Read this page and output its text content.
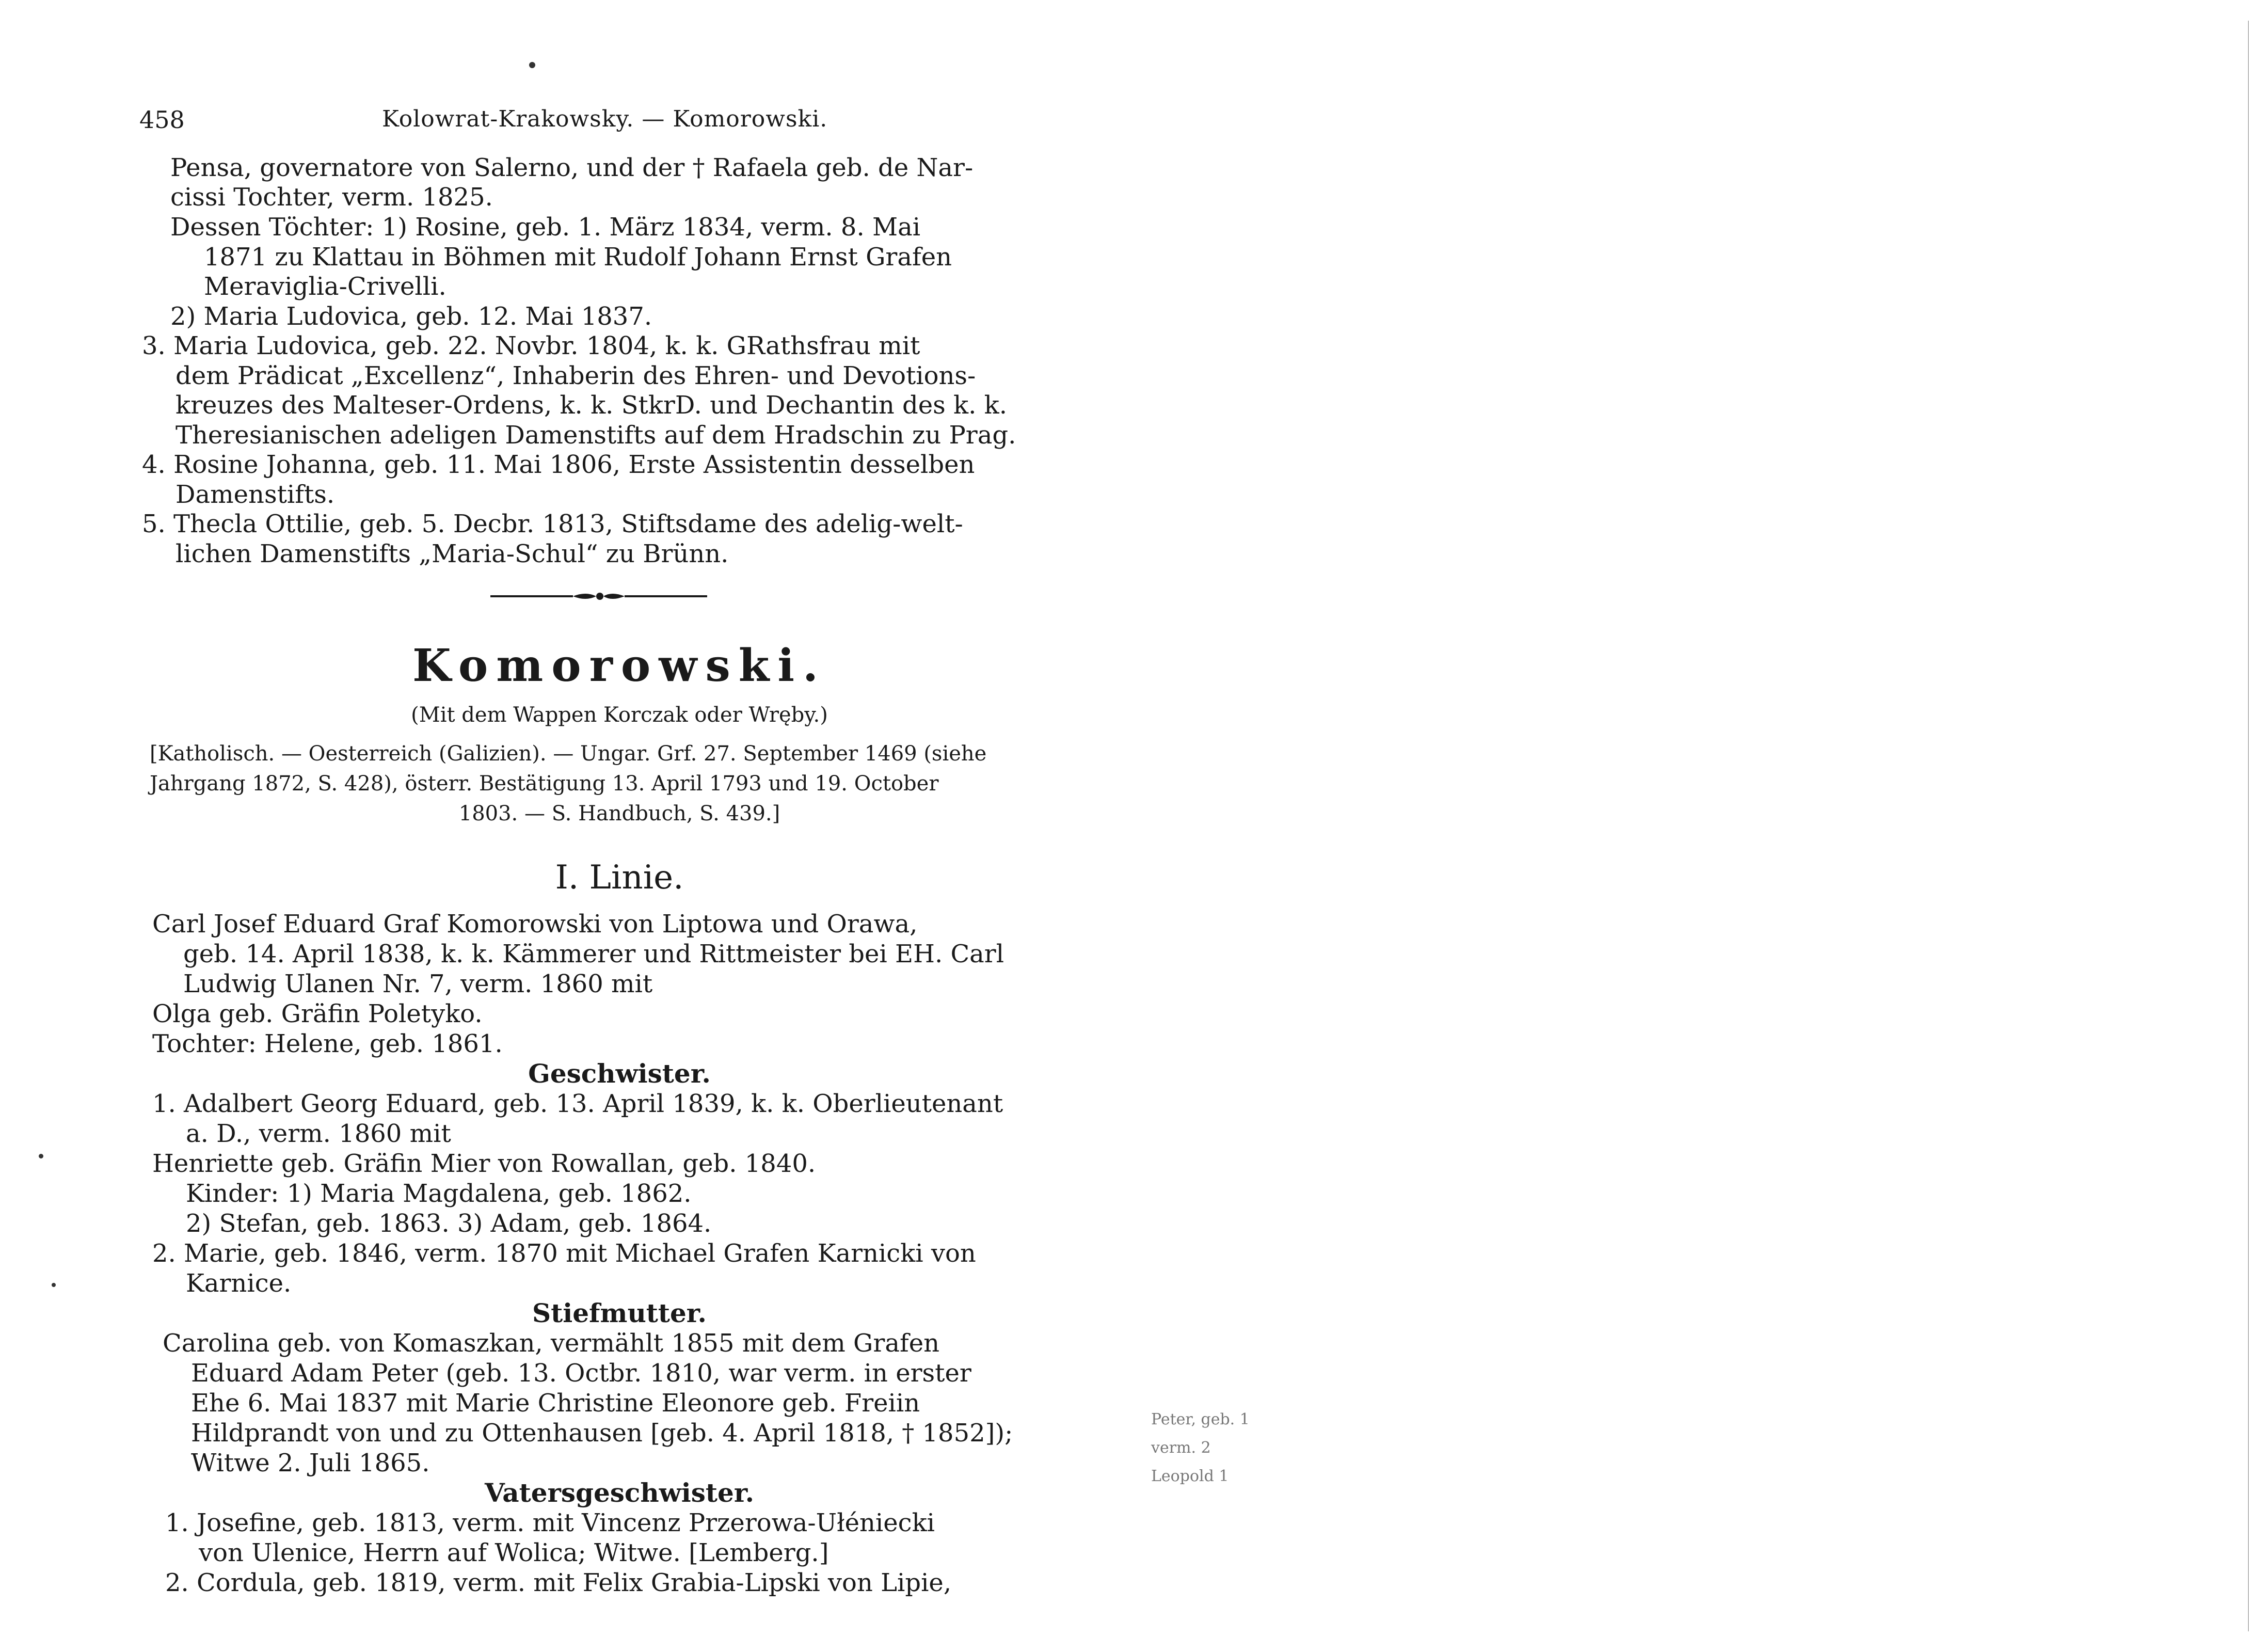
458	Kolowrat-Krakowsky. — Komorowski.
Pensa, governatore von Salerno, und der † Rafaela geb. de Nar-
cissi Tochter, verm. 1825.
Dessen Töchter: 1) Rosine, geb. 1. März 1834, verm. 8. Mai
1871 zu Klattau in Böhmen mit Rudolf Johann Ernst Grafen
Meraviglia-Crivelli.
2) Maria Ludovica, geb. 12. Mai 1837.
3. Maria Ludovica, geb. 22. Novbr. 1804, k. k. GRathsfrau mit
dem Prädicat „Excellenz“, Inhaberin des Ehren- und Devotions-
kreuzes des Malteser-Ordens, k. k. StkrD. und Dechantin des k. k.
Theresianischen adeligen Damenstifts auf dem Hradschin zu Prag.
4. Rosine Johanna, geb. 11. Mai 1806, Erste Assistentin desselben
Damenstifts.
5. Thecla Ottilie, geb. 5. Decbr. 1813, Stiftsdame des adelig-welt-
lichen Damenstifts „Maria-Schul“ zu Brünn.
Komorowski.
(Mit dem Wappen Korczak oder Wręby.)
[Katholisch. — Oesterreich (Galizien). — Ungar. Grf. 27. September 1469 (siehe
Jahrgang 1872, S. 428), österr. Bestätigung 13. April 1793 und 19. October
1803. — S. Handbuch, S. 439.]
I. Linie.
Carl Josef Eduard Graf Komorowski von Liptowa und Orawa,
geb. 14. April 1838, k. k. Kämmerer und Rittmeister bei EH. Carl
Ludwig Ulanen Nr. 7, verm. 1860 mit
Olga geb. Gräfin Poletyko.
Tochter: Helene, geb. 1861.
Geschwister.
1. Adalbert Georg Eduard, geb. 13. April 1839, k. k. Oberlieutenant
a. D., verm. 1860 mit
Henriette geb. Gräfin Mier von Rowallan, geb. 1840.
Kinder: 1) Maria Magdalena, geb. 1862.
2) Stefan, geb. 1863. 3) Adam, geb. 1864.
2. Marie, geb. 1846, verm. 1870 mit Michael Grafen Karnicki von
Karnice.
Stiefmutter.
Carolina geb. von Komaszkan, vermählt 1855 mit dem Grafen
Eduard Adam Peter (geb. 13. Octbr. 1810, war verm. in erster
Ehe 6. Mai 1837 mit Marie Christine Eleonore geb. Freiin
Hildprandt von und zu Ottenhausen [geb. 4. April 1818, † 1852]);
Witwe 2. Juli 1865.
Vatersgeschwister.
1. Josefine, geb. 1813, verm. mit Vincenz Przerowa-Ułéniecki
von Ulenice, Herrn auf Wolica; Witwe. [Lemberg.]
2. Cordula, geb. 1819, verm. mit Felix Grabia-Lipski von Lipie,
Peter, geb. 1
verm. 2
Leopold 1
